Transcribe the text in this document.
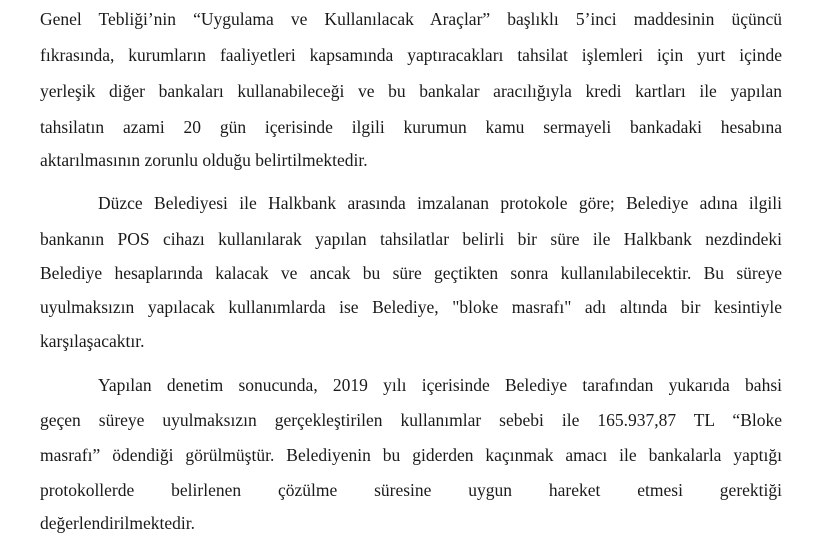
Genel Tebliği’nin “Uygulama ve Kullanılacak Araçlar” başlıklı 5’inci maddesinin üçüncü
fıkrasında, kurumların faaliyetleri kapsamında yaptıracakları tahsilat işlemleri için yurt içinde
yerleşik diğer bankaları kullanabileceği ve bu bankalar aracılığıyla kredi kartları ile yapılan
tahsilatın azami 20 gün içerisinde ilgili kurumun kamu sermayeli bankadaki hesabına
aktarılmasının zorunlu olduğu belirtilmektedir.
Düzce Belediyesi ile Halkbank arasında imzalanan protokole göre; Belediye adına ilgili
bankanın POS cihazı kullanılarak yapılan tahsilatlar belirli bir süre ile Halkbank nezdindeki
Belediye hesaplarında kalacak ve ancak bu süre geçtikten sonra kullanılabilecektir. Bu süreye
uyulmaksızın yapılacak kullanımlarda ise Belediye, "bloke masrafı" adı altında bir kesintiyle
karşılaşacaktır.
Yapılan denetim sonucunda, 2019 yılı içerisinde Belediye tarafından yukarıda bahsi
geçen süreye uyulmaksızın gerçekleştirilen kullanımlar sebebi ile 165.937,87 TL “Bloke
masrafı” ödendiği görülmüştür. Belediyenin bu giderden kaçınmak amacı ile bankalarla yaptığı
protokollerde belirlenen çözülme süresine uygun hareket etmesi gerektiği
değerlendirilmektedir.
